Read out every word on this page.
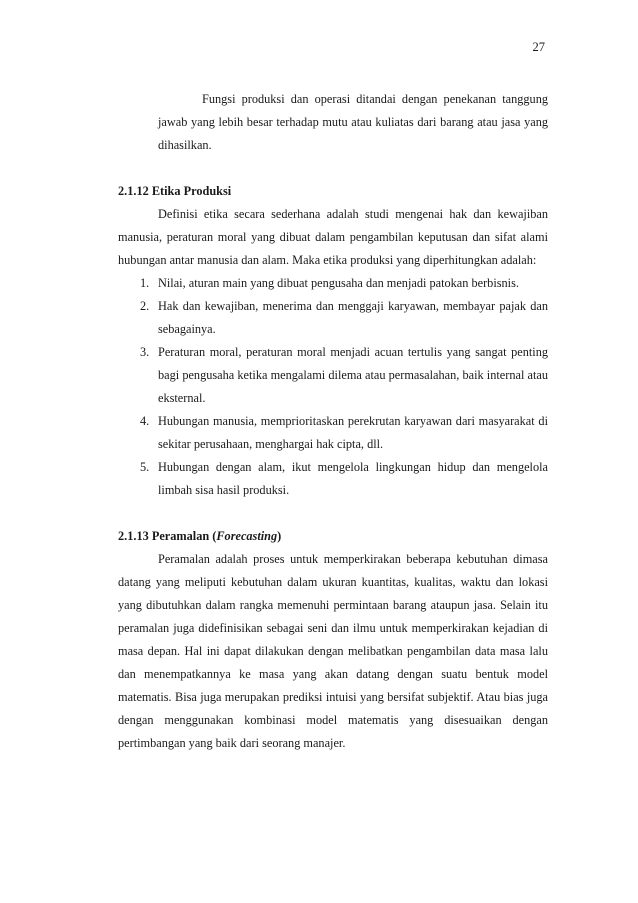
27

Fungsi produksi dan operasi ditandai dengan penekanan tanggung jawab yang lebih besar terhadap mutu atau kuliatas dari barang atau jasa yang dihasilkan.

2.1.12 Etika Produksi

Definisi etika secara sederhana adalah studi mengenai hak dan kewajiban manusia, peraturan moral yang dibuat dalam pengambilan keputusan dan sifat alami hubungan antar manusia dan alam. Maka etika produksi yang diperhitungkan adalah:

1. Nilai, aturan main yang dibuat pengusaha dan menjadi patokan berbisnis.
2. Hak dan kewajiban, menerima dan menggaji karyawan, membayar pajak dan sebagainya.
3. Peraturan moral, peraturan moral menjadi acuan tertulis yang sangat penting bagi pengusaha ketika mengalami dilema atau permasalahan, baik internal atau eksternal.
4. Hubungan manusia, memprioritaskan perekrutan karyawan dari masyarakat di sekitar perusahaan, menghargai hak cipta, dll.
5. Hubungan dengan alam, ikut mengelola lingkungan hidup dan mengelola limbah sisa hasil produksi.

2.1.13 Peramalan (Forecasting)

Peramalan adalah proses untuk memperkirakan beberapa kebutuhan dimasa datang yang meliputi kebutuhan dalam ukuran kuantitas, kualitas, waktu dan lokasi yang dibutuhkan dalam rangka memenuhi permintaan barang ataupun jasa. Selain itu peramalan juga didefinisikan sebagai seni dan ilmu untuk memperkirakan kejadian di masa depan. Hal ini dapat dilakukan dengan melibatkan pengambilan data masa lalu dan menempatkannya ke masa yang akan datang dengan suatu bentuk model matematis. Bisa juga merupakan prediksi intuisi yang bersifat subjektif. Atau bias juga dengan menggunakan kombinasi model matematis yang disesuaikan dengan pertimbangan yang baik dari seorang manajer.
